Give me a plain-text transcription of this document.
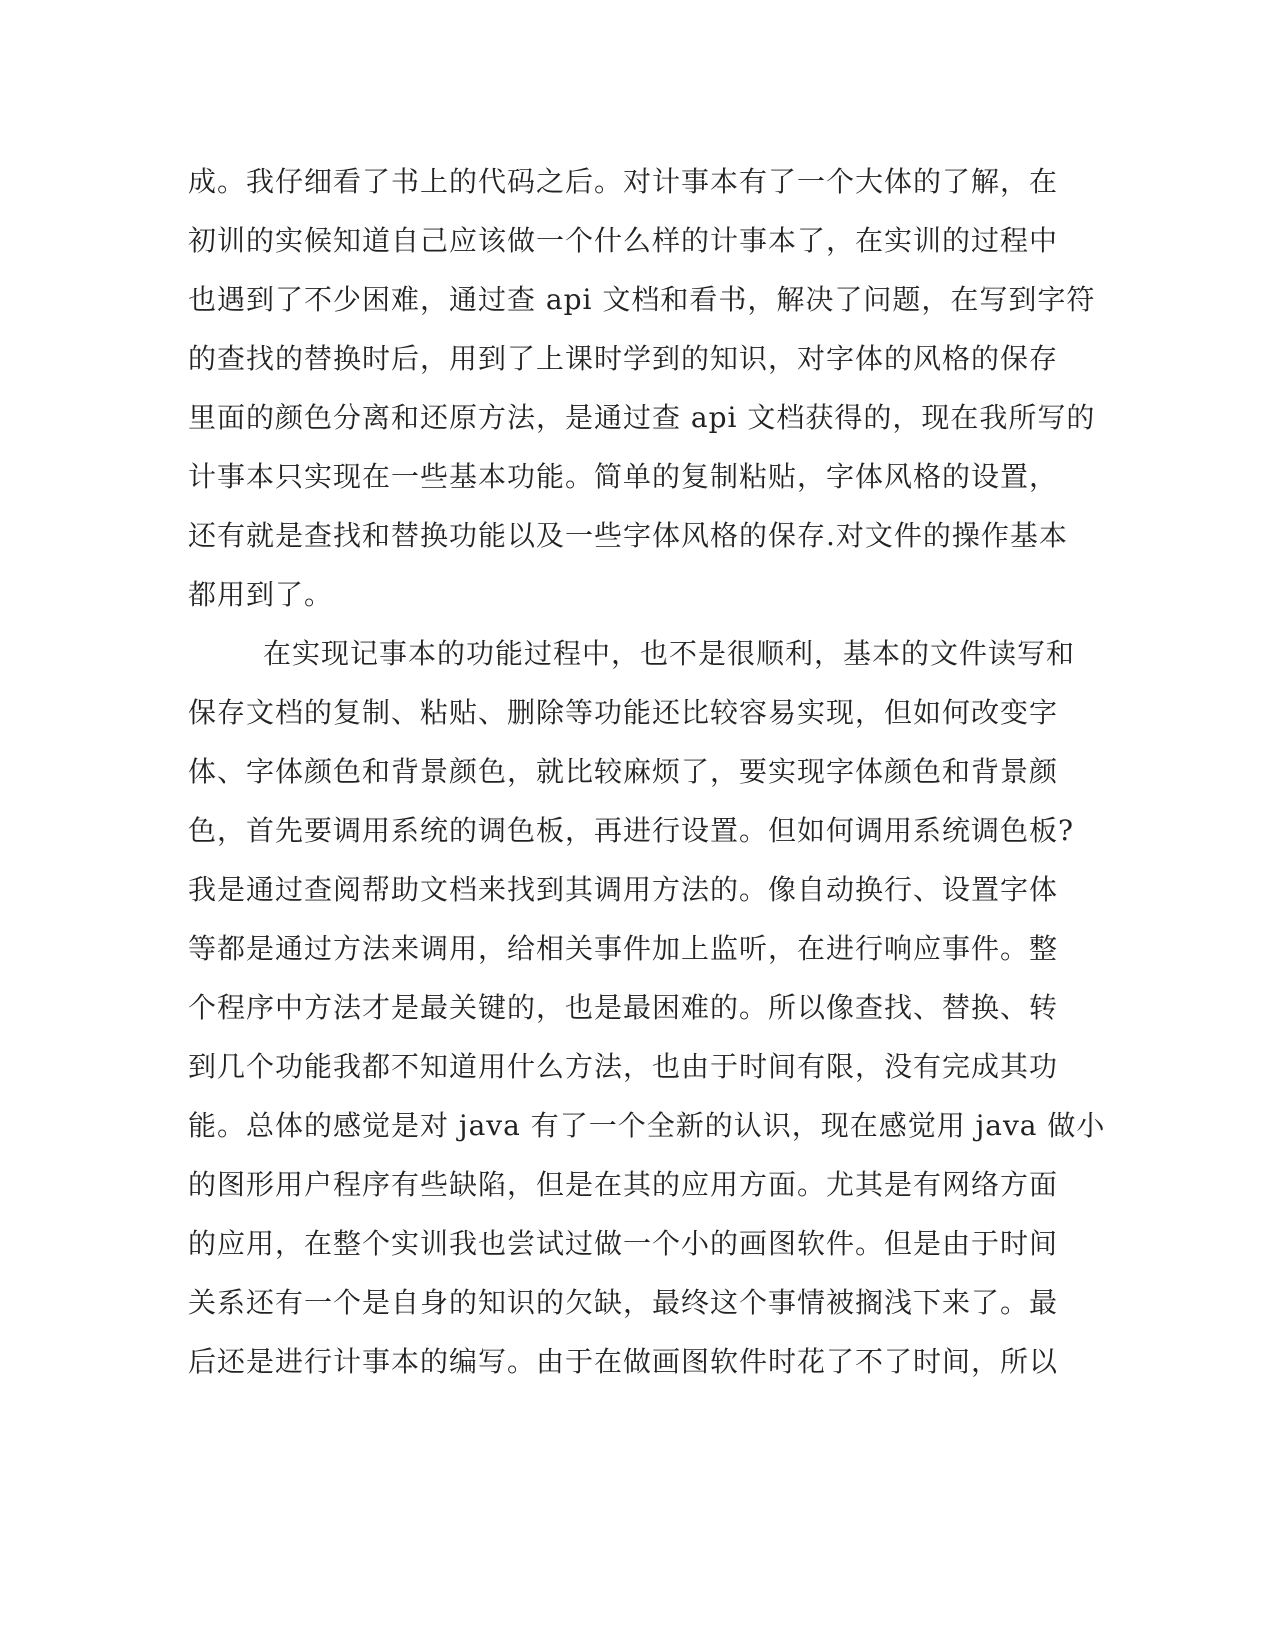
成。我仔细看了书上的代码之后。对计事本有了一个大体的了解，在
初训的实候知道自己应该做一个什么样的计事本了，在实训的过程中
也遇到了不少困难，通过查 api 文档和看书，解决了问题，在写到字符
的查找的替换时后，用到了上课时学到的知识，对字体的风格的保存
里面的颜色分离和还原方法，是通过查 api 文档获得的，现在我所写的
计事本只实现在一些基本功能。简单的复制粘贴，字体风格的设置，
还有就是查找和替换功能以及一些字体风格的保存.对文件的操作基本
都用到了。
在实现记事本的功能过程中，也不是很顺利，基本的文件读写和
保存文档的复制、粘贴、删除等功能还比较容易实现，但如何改变字
体、字体颜色和背景颜色，就比较麻烦了，要实现字体颜色和背景颜
色，首先要调用系统的调色板，再进行设置。但如何调用系统调色板?
我是通过查阅帮助文档来找到其调用方法的。像自动换行、设置字体
等都是通过方法来调用，给相关事件加上监听，在进行响应事件。整
个程序中方法才是最关键的，也是最困难的。所以像查找、替换、转
到几个功能我都不知道用什么方法，也由于时间有限，没有完成其功
能。总体的感觉是对 java 有了一个全新的认识，现在感觉用 java 做小
的图形用户程序有些缺陷，但是在其的应用方面。尤其是有网络方面
的应用，在整个实训我也尝试过做一个小的画图软件。但是由于时间
关系还有一个是自身的知识的欠缺，最终这个事情被搁浅下来了。最
后还是进行计事本的编写。由于在做画图软件时花了不了时间，所以
